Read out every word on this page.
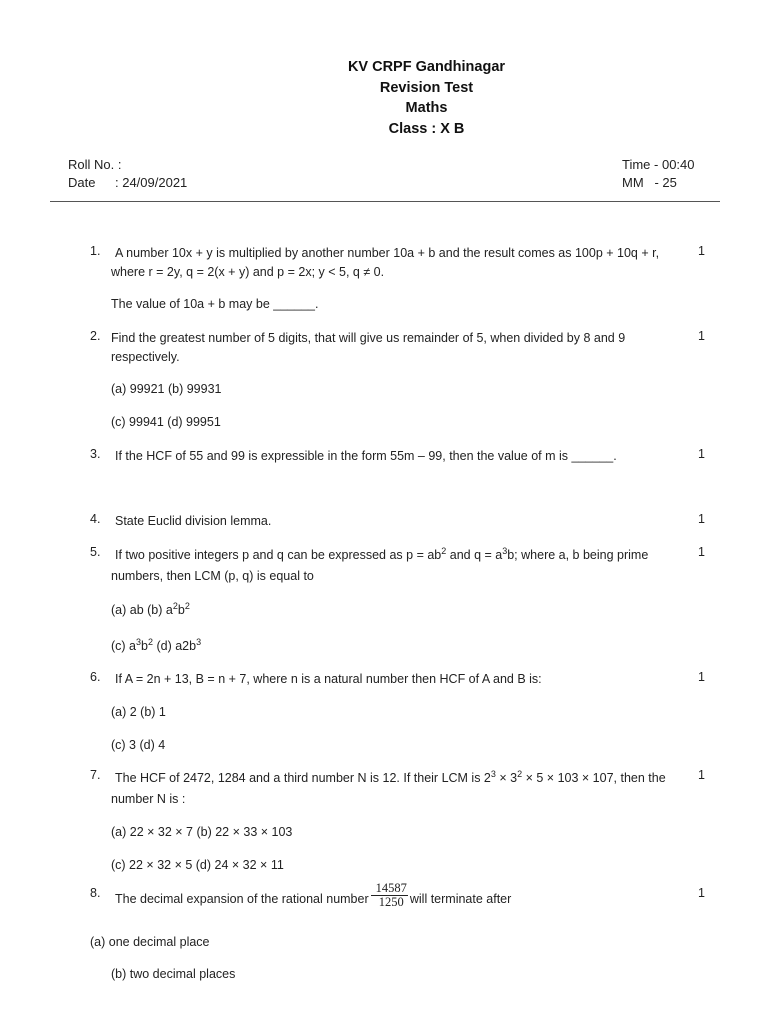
KV CRPF Gandhinagar
Revision Test
Maths
Class : X B
Roll No. :
Date : 24/09/2021
Time - 00:40
MM   - 25
1.	A number 10x + y is multiplied by another number 10a + b and the result comes as 100p + 10q + r, where r = 2y, q = 2(x + y) and p = 2x; y < 5, q ≠ 0.
1
The value of 10a + b may be ______.
2. Find the greatest number of 5 digits, that will give us remainder of 5, when divided by 8 and 9 respectively.
1
(a) 99921 (b) 99931
(c) 99941 (d) 99951
3.	If the HCF of 55 and 99 is expressible in the form 55m – 99, then the value of m is ______.	1
4.	State Euclid division lemma.	1
5.	If two positive integers p and q can be expressed as $p = ab^2$ and $q = a^3b$; where a, b being prime numbers, then LCM (p, q) is equal to
1
(a) ab (b) $a^2b^2$
(c) $a^3b^2$ (d) $a2b^3$
6.	If A = 2n + 13, B = n + 7, where n is a natural number then HCF of A and B is:	1
(a) 2 (b) 1
(c) 3 (d) 4
7.	The HCF of 2472, 1284 and a third number N is 12. If their LCM is $2^3 \times 3^2 \times 5 \times 103 \times 107$, then the number N is :
1
(a) 22 × 32 × 7 (b) 22 × 33 × 103
(c) 22 × 32 × 5 (d) 24 × 32 × 11
8.	The decimal expansion of the rational number $\frac{14587}{1250}$ will terminate after	1
(a) one decimal place
(b) two decimal places
